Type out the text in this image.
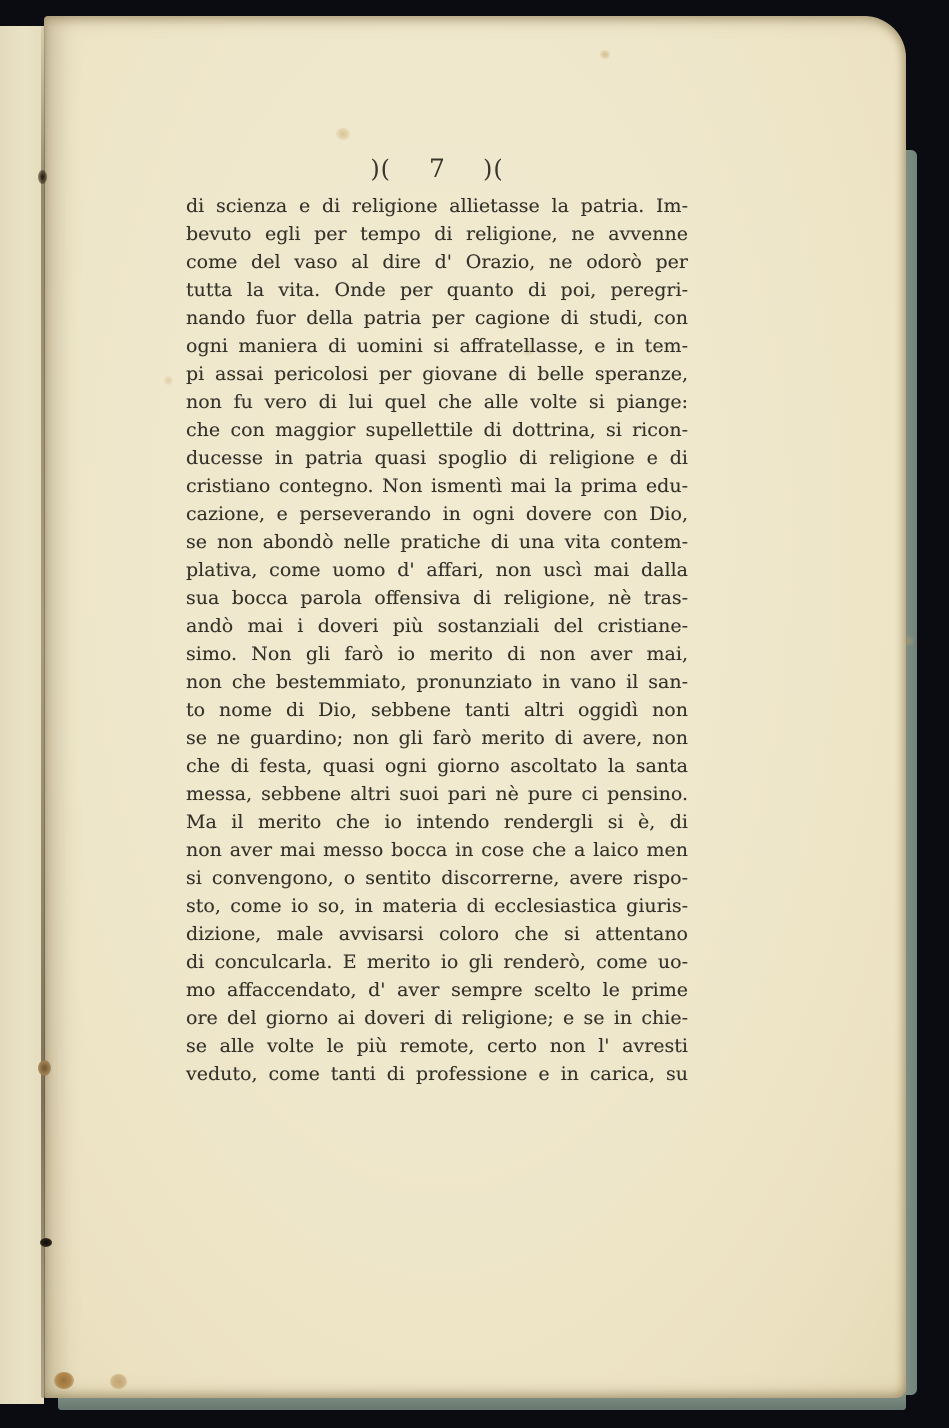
)( 7 )(
di scienza e di religione allietasse la patria. Im-
bevuto egli per tempo di religione, ne avvenne
come del vaso al dire d' Orazio, ne odorò per
tutta la vita. Onde per quanto di poi, peregri-
nando fuor della patria per cagione di studi, con
ogni maniera di uomini si affratellasse, e in tem-
pi assai pericolosi per giovane di belle speranze,
non fu vero di lui quel che alle volte si piange:
che con maggior supellettile di dottrina, si ricon-
ducesse in patria quasi spoglio di religione e di
cristiano contegno. Non ismentì mai la prima edu-
cazione, e perseverando in ogni dovere con Dio,
se non abondò nelle pratiche di una vita contem-
plativa, come uomo d' affari, non uscì mai dalla
sua bocca parola offensiva di religione, nè tras-
andò mai i doveri più sostanziali del cristiane-
simo. Non gli farò io merito di non aver mai,
non che bestemmiato, pronunziato in vano il san-
to nome di Dio, sebbene tanti altri oggidì non
se ne guardino; non gli farò merito di avere, non
che di festa, quasi ogni giorno ascoltato la santa
messa, sebbene altri suoi pari nè pure ci pensino.
Ma il merito che io intendo rendergli si è, di
non aver mai messo bocca in cose che a laico men
si convengono, o sentito discorrerne, avere rispo-
sto, come io so, in materia di ecclesiastica giuris-
dizione, male avvisarsi coloro che si attentano
di conculcarla. E merito io gli renderò, come uo-
mo affaccendato, d' aver sempre scelto le prime
ore del giorno ai doveri di religione; e se in chie-
se alle volte le più remote, certo non l' avresti
veduto, come tanti di professione e in carica, su
